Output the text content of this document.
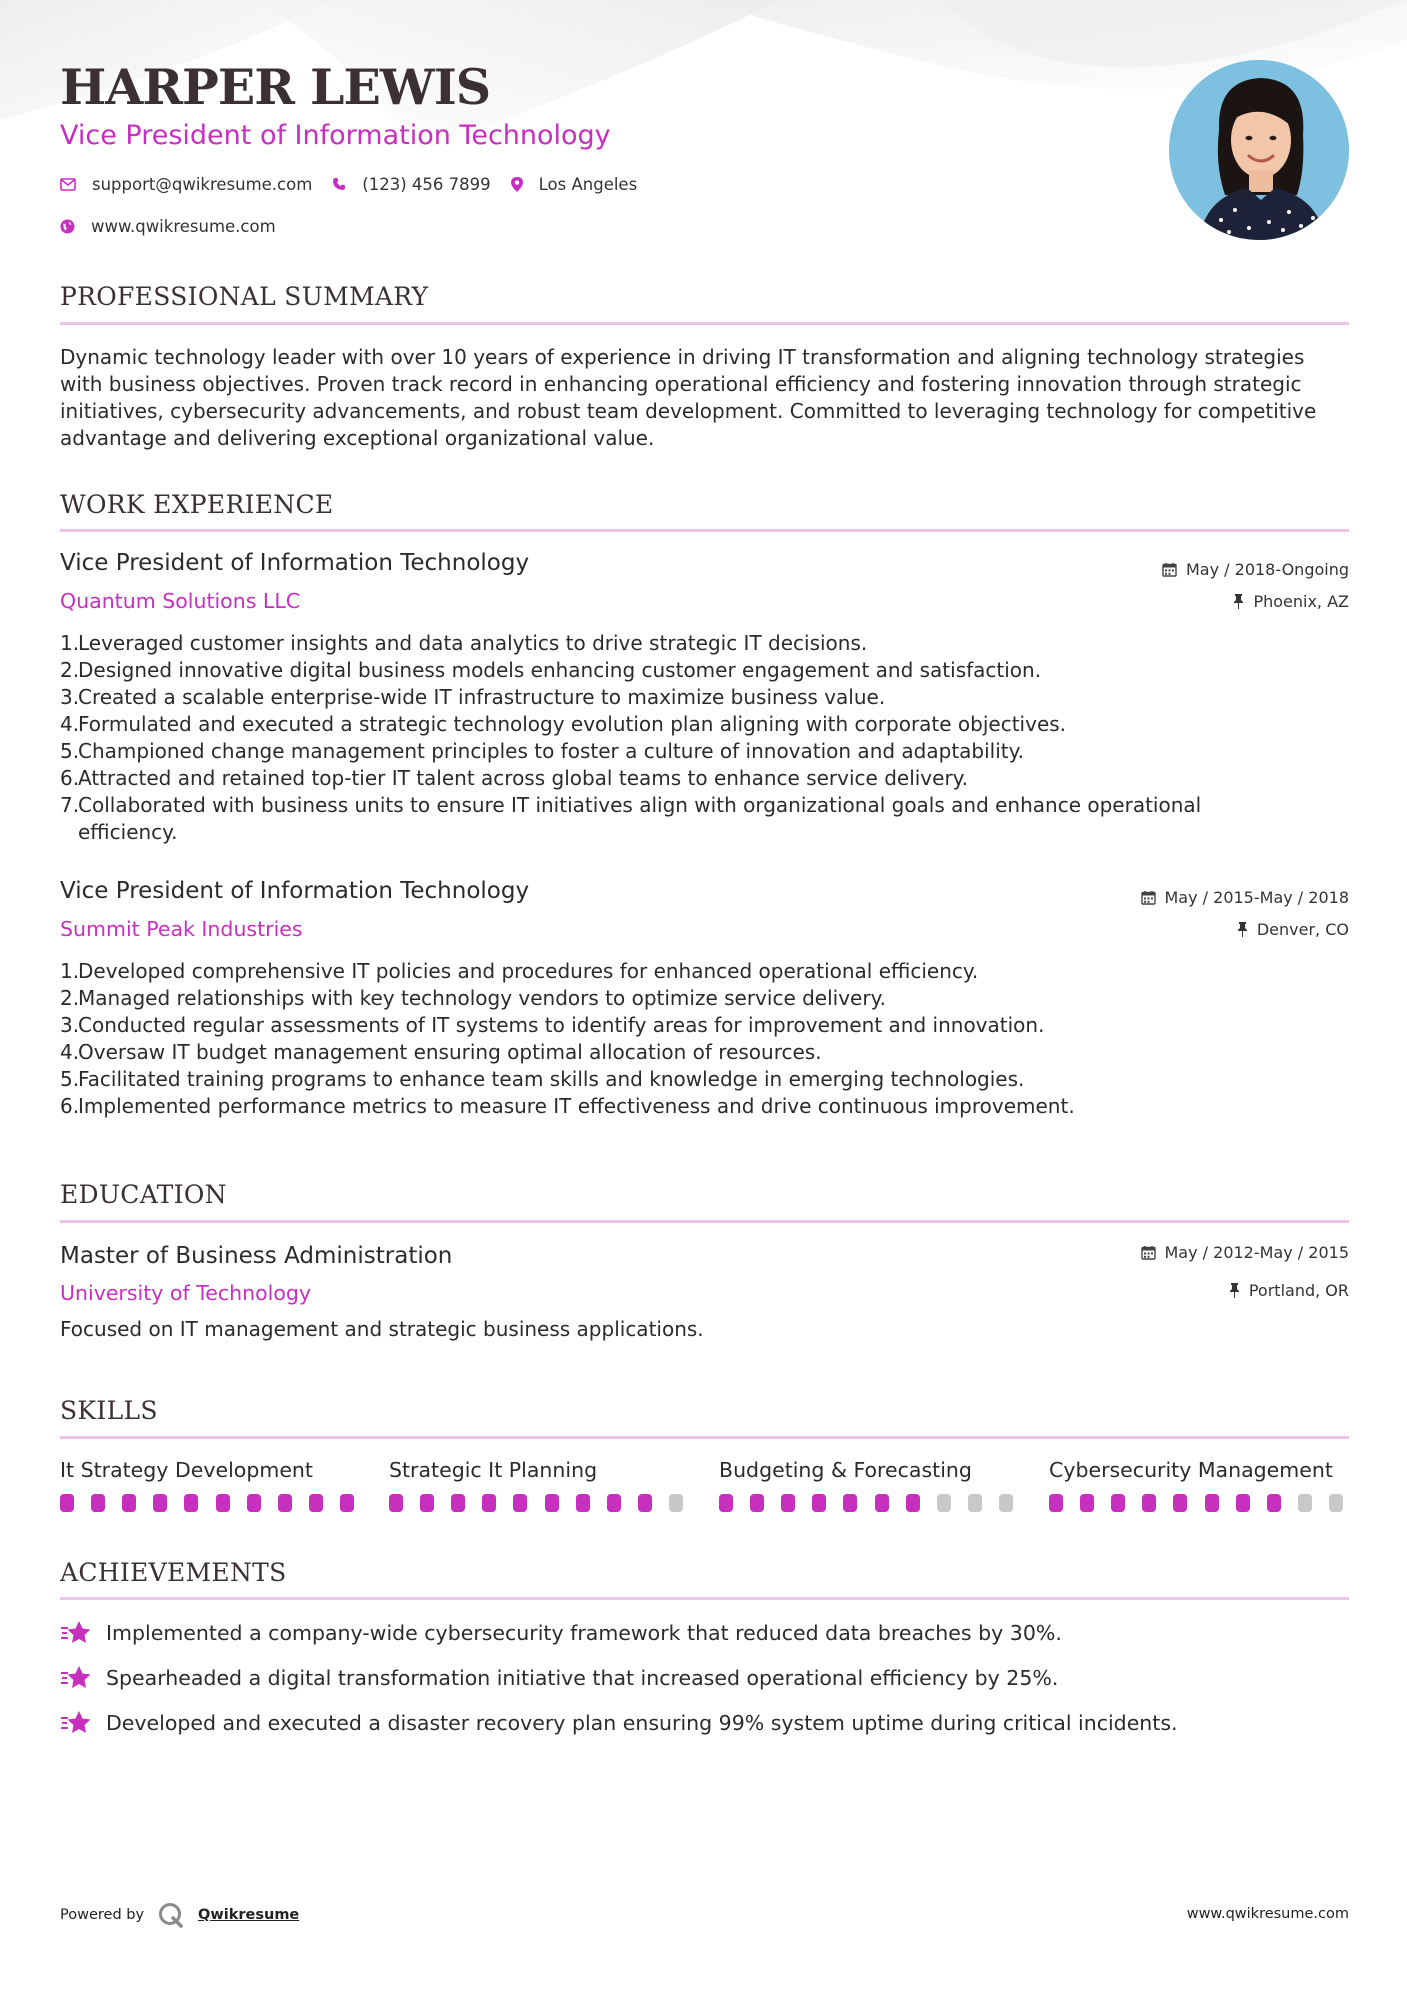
HARPER LEWIS
Vice President of Information Technology
support@qwikresume.com	(123) 456 7899	Los Angeles
www.qwikresume.com
PROFESSIONAL SUMMARY
Dynamic technology leader with over 10 years of experience in driving IT transformation and aligning technology strategies with business objectives. Proven track record in enhancing operational efficiency and fostering innovation through strategic initiatives, cybersecurity advancements, and robust team development. Committed to leveraging technology for competitive advantage and delivering exceptional organizational value.
WORK EXPERIENCE
Vice President of Information Technology	May / 2018-Ongoing
Quantum Solutions LLC	Phoenix, AZ
1.
Leveraged customer insights and data analytics to drive strategic IT decisions.
2.
Designed innovative digital business models enhancing customer engagement and satisfaction.
3.
Created a scalable enterprise-wide IT infrastructure to maximize business value.
4.
Formulated and executed a strategic technology evolution plan aligning with corporate objectives.
5.
Championed change management principles to foster a culture of innovation and adaptability.
6.
Attracted and retained top-tier IT talent across global teams to enhance service delivery.
7.
Collaborated with business units to ensure IT initiatives align with organizational goals and enhance operational efficiency.
Vice President of Information Technology	May / 2015-May / 2018
Summit Peak Industries	Denver, CO
1.
Developed comprehensive IT policies and procedures for enhanced operational efficiency.
2.
Managed relationships with key technology vendors to optimize service delivery.
3.
Conducted regular assessments of IT systems to identify areas for improvement and innovation.
4.
Oversaw IT budget management ensuring optimal allocation of resources.
5.
Facilitated training programs to enhance team skills and knowledge in emerging technologies.
6.
Implemented performance metrics to measure IT effectiveness and drive continuous improvement.
EDUCATION
Master of Business Administration	May / 2012-May / 2015
University of Technology	Portland, OR
Focused on IT management and strategic business applications.
SKILLS
It Strategy Development	Strategic It Planning	Budgeting & Forecasting	Cybersecurity Management
ACHIEVEMENTS
Implemented a company-wide cybersecurity framework that reduced data breaches by 30%.
Spearheaded a digital transformation initiative that increased operational efficiency by 25%.
Developed and executed a disaster recovery plan ensuring 99% system uptime during critical incidents.
Powered by	Qwikresume	www.qwikresume.com
